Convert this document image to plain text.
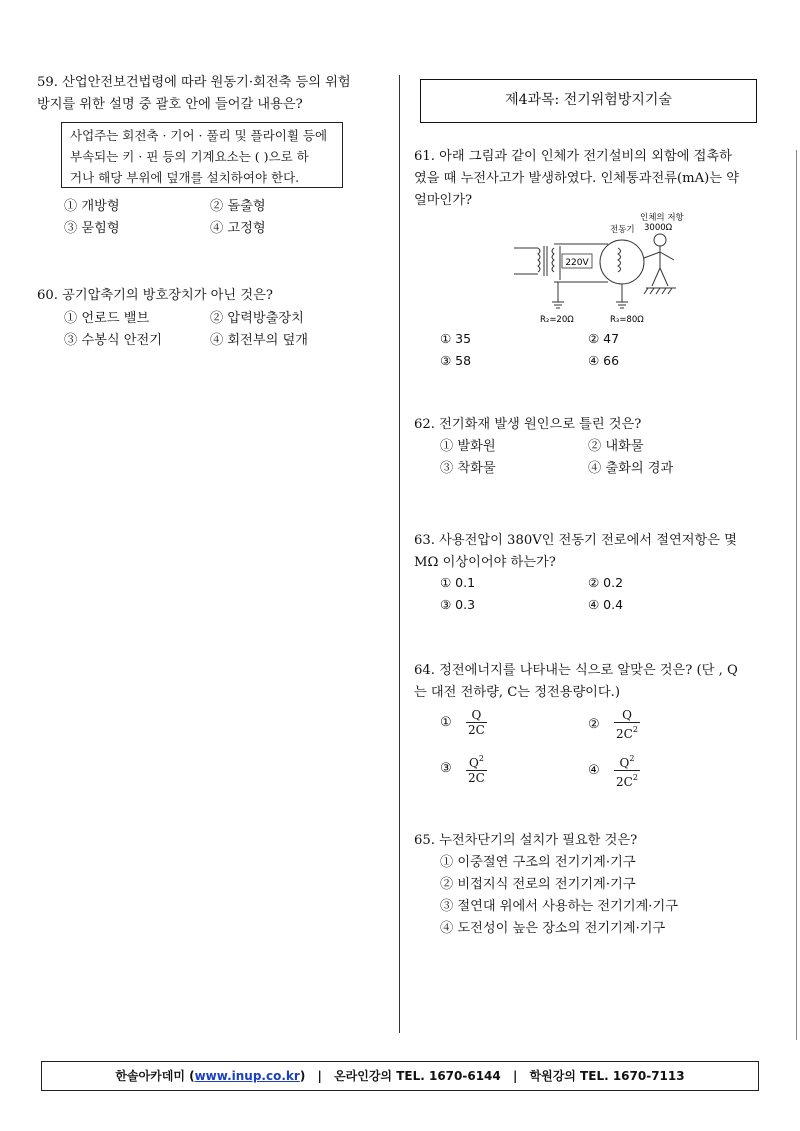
59. 산업안전보건법령에 따라 원동기·회전축 등의 위험
방지를 위한 설명 중 괄호 안에 들어갈 내용은?
사업주는 회전축 · 기어 · 풀리 및 플라이휠 등에
부속되는 키 · 핀 등의 기계요소는 ( )으로 하
거나 해당 부위에 덮개를 설치하여야 한다.
① 개방형	② 돌출형
③ 묻힘형	④ 고정형
60. 공기압축기의 방호장치가 아닌 것은?
① 언로드 밸브	② 압력방출장치
③ 수봉식 안전기	④ 회전부의 덮개
제4과목: 전기위험방지기술
61. 아래 그림과 같이 인체가 전기설비의 외함에 접촉하
였을 때 누전사고가 발생하였다. 인체통과전류(mA)는 약
얼마인가?
220V
전동기
인체의 저항
3000Ω
R₂=20Ω	R₃=80Ω
① 35	② 47
③ 58	④ 66
62. 전기화재 발생 원인으로 틀린 것은?
① 발화원	② 내화물
③ 착화물	④ 출화의 경과
63. 사용전압이 380V인 전동기 전로에서 절연저항은 몇
MΩ 이상이어야 하는가?
① 0.1	② 0.2
③ 0.3	④ 0.4
64. 정전에너지를 나타내는 식으로 알맞은 것은? (단 , Q
는 대전 전하량, C는 정전용량이다.)
① $\frac{Q}{2C}$	② $\frac{Q}{2C^2}$
③ $\frac{Q^2}{2C}$	④ $\frac{Q^2}{2C^2}$
65. 누전차단기의 설치가 필요한 것은?
① 이중절연 구조의 전기기계·기구
② 비접지식 전로의 전기기계·기구
③ 절연대 위에서 사용하는 전기기계·기구
④ 도전성이 높은 장소의 전기기계·기구
한솔아카데미 (www.inup.co.kr) | 온라인강의 TEL. 1670-6144 | 학원강의 TEL. 1670-7113
